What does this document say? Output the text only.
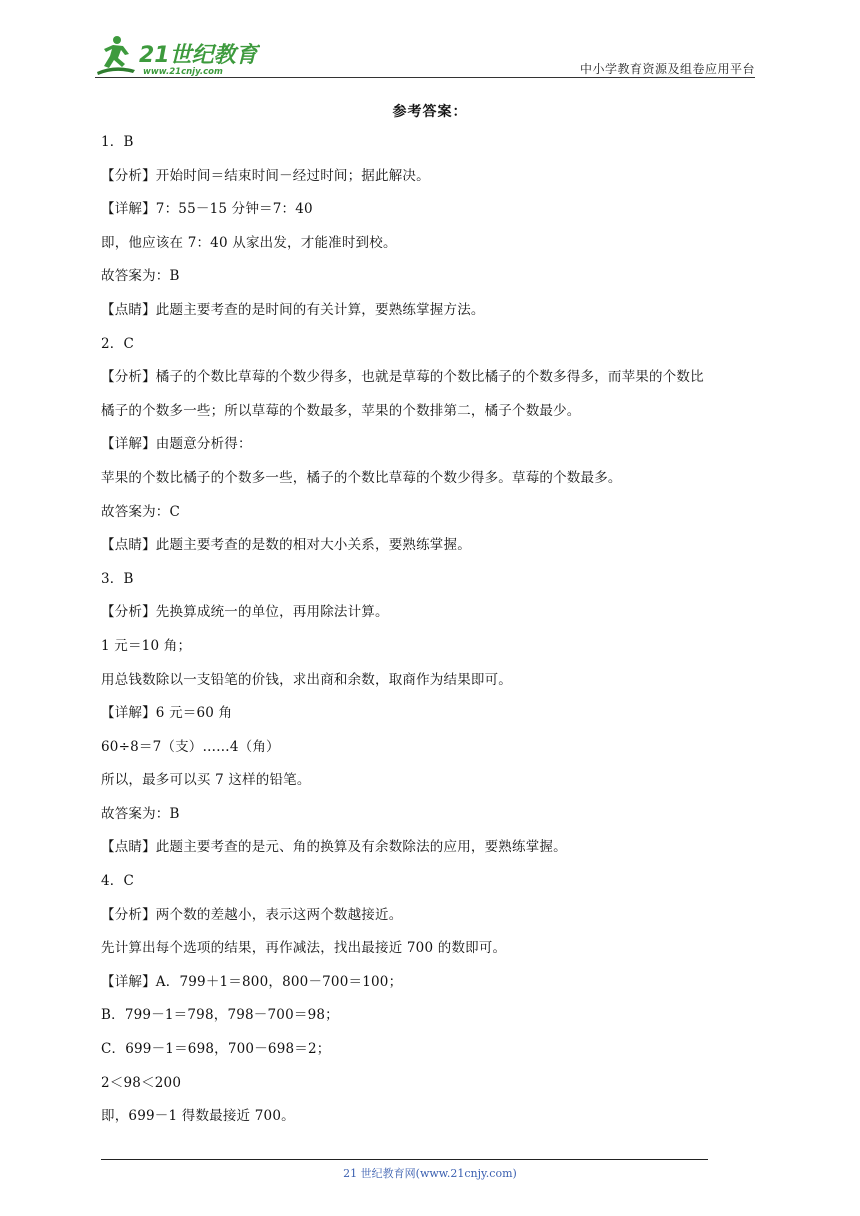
21世纪教育
www.21cnjy.com	中小学教育资源及组卷应用平台
参考答案：
1．B
【分析】开始时间＝结束时间－经过时间；据此解决。
【详解】7：55－15 分钟＝7：40
即，他应该在 7：40 从家出发，才能准时到校。
故答案为：B
【点睛】此题主要考查的是时间的有关计算，要熟练掌握方法。
2．C
【分析】橘子的个数比草莓的个数少得多，也就是草莓的个数比橘子的个数多得多，而苹果的个数比
橘子的个数多一些；所以草莓的个数最多，苹果的个数排第二，橘子个数最少。
【详解】由题意分析得：
苹果的个数比橘子的个数多一些，橘子的个数比草莓的个数少得多。草莓的个数最多。
故答案为：C
【点睛】此题主要考查的是数的相对大小关系，要熟练掌握。
3．B
【分析】先换算成统一的单位，再用除法计算。
1 元＝10 角；
用总钱数除以一支铅笔的价钱，求出商和余数，取商作为结果即可。
【详解】6 元＝60 角
60÷8＝7（支）……4（角）
所以，最多可以买 7 这样的铅笔。
故答案为：B
【点睛】此题主要考查的是元、角的换算及有余数除法的应用，要熟练掌握。
4．C
【分析】两个数的差越小，表示这两个数越接近。
先计算出每个选项的结果，再作减法，找出最接近 700 的数即可。
【详解】A．799＋1＝800，800－700＝100；
B．799－1＝798，798－700＝98；
C．699－1＝698，700－698＝2；
2＜98＜200
即，699－1 得数最接近 700。
21 世纪教育网(www.21cnjy.com)
